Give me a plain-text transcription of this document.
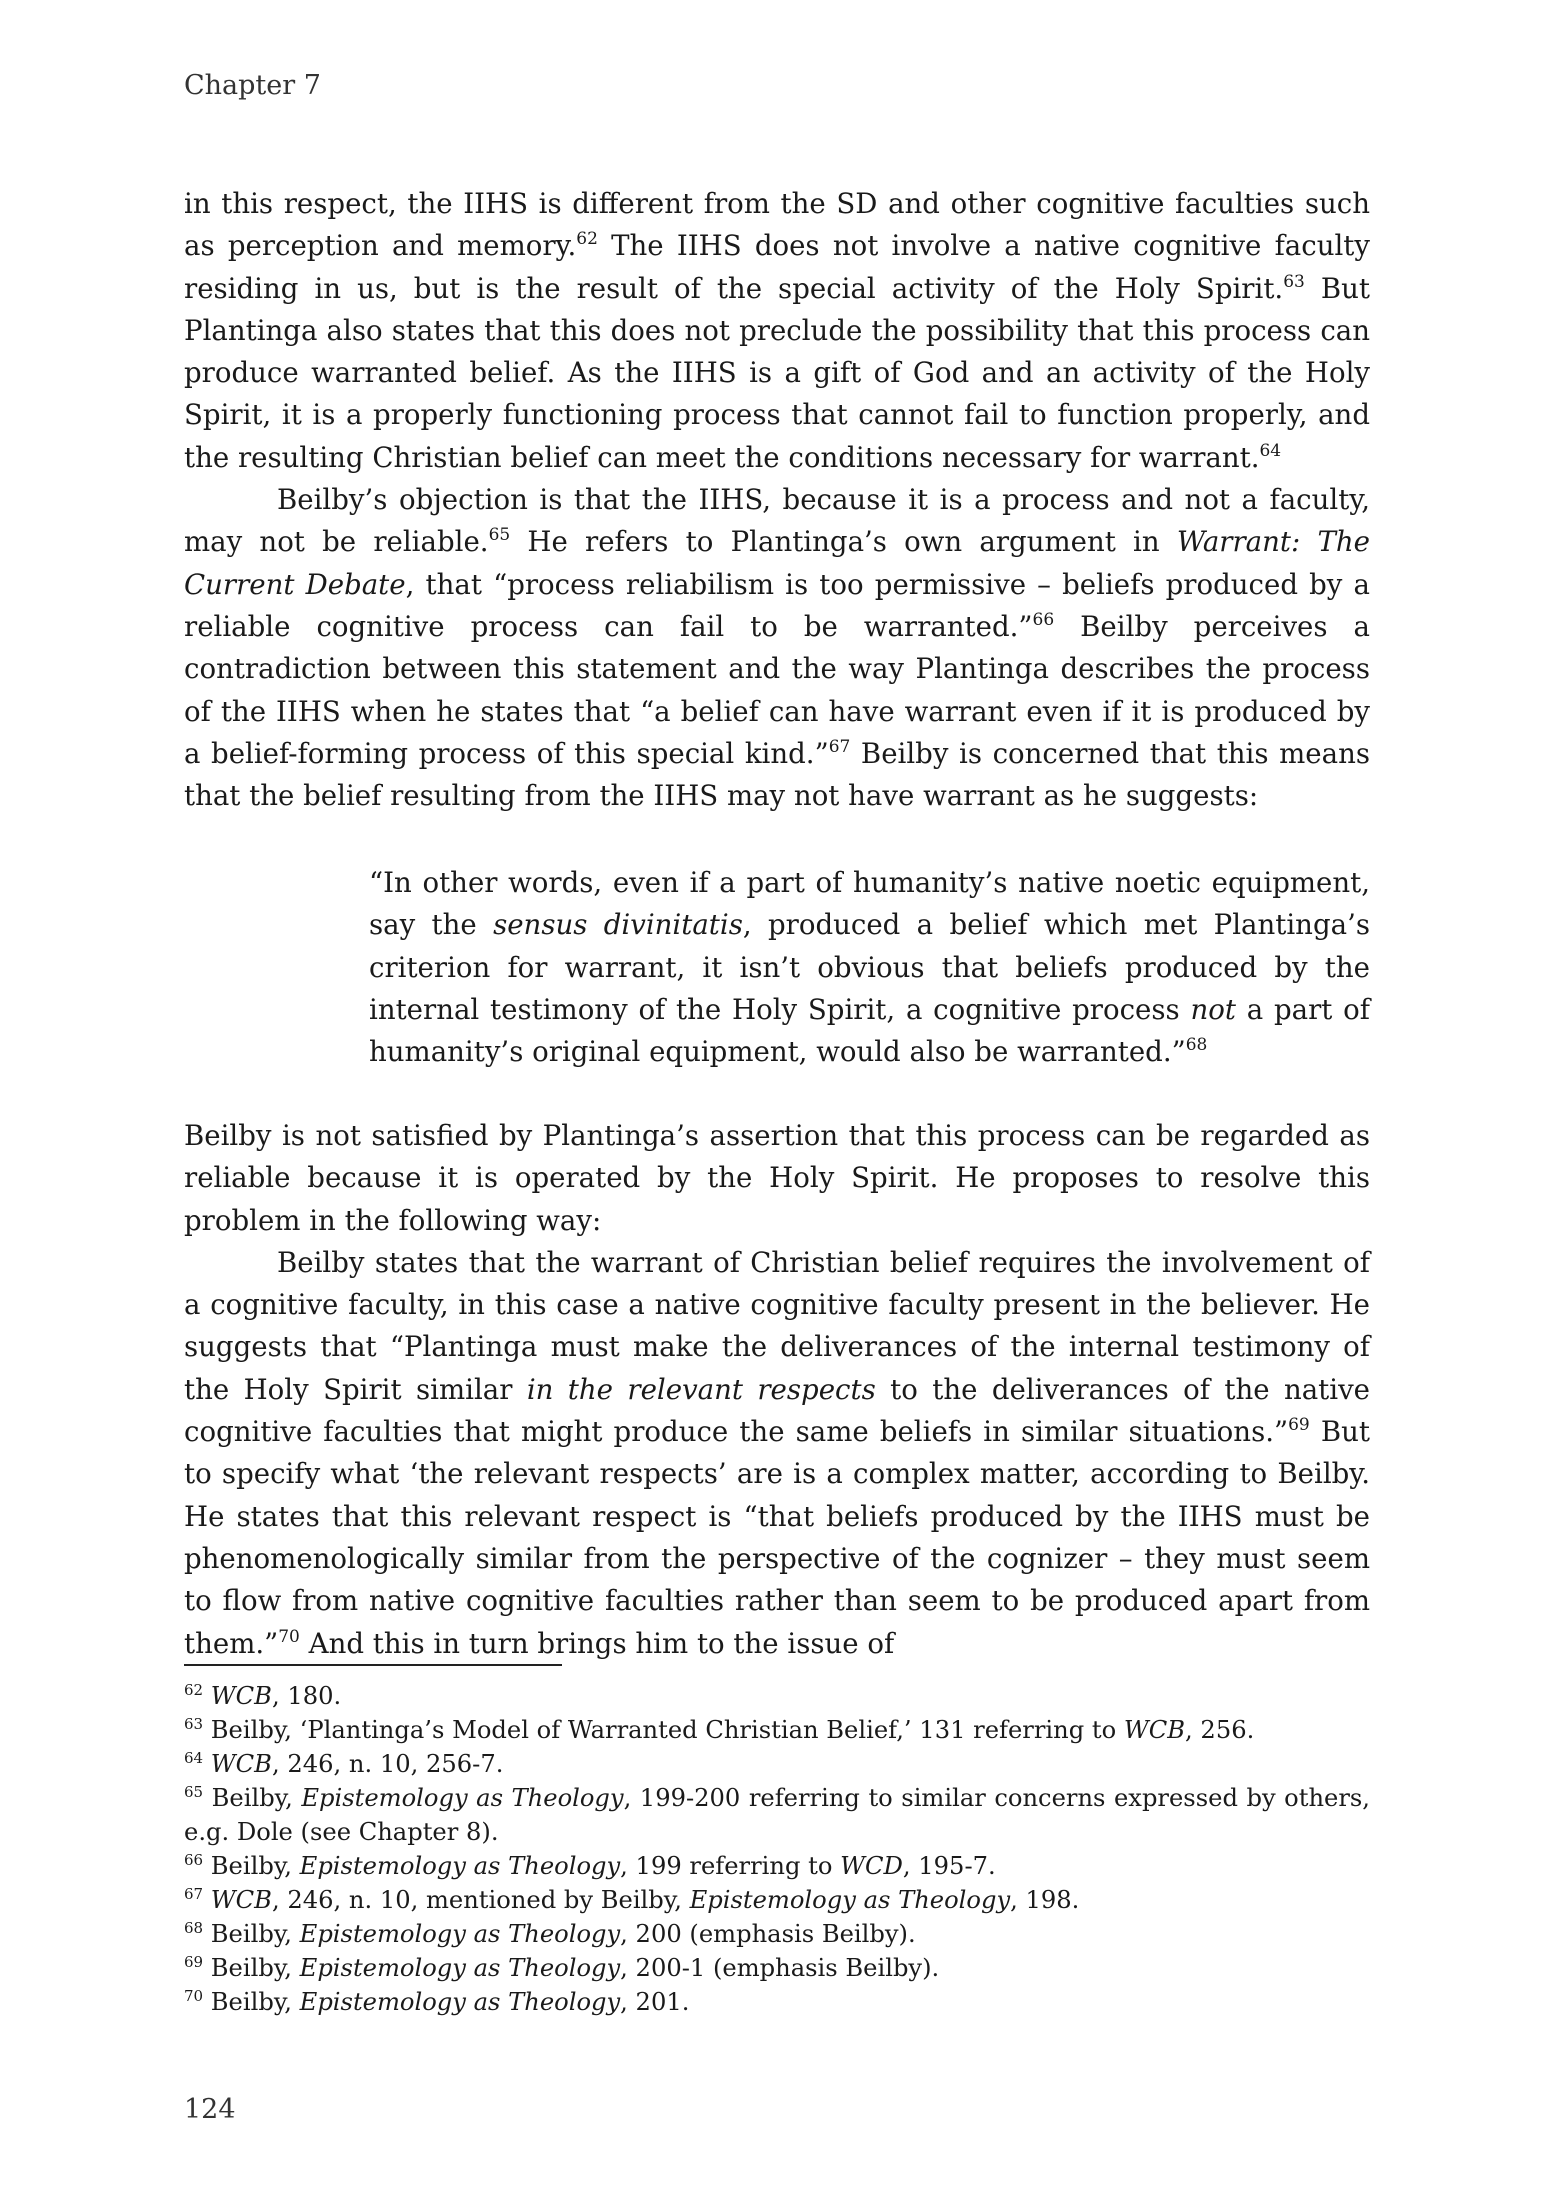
Chapter 7

in this respect, the IIHS is different from the SD and other cognitive faculties such as perception and memory.$^{62}$ The IIHS does not involve a native cognitive faculty residing in us, but is the result of the special activity of the Holy Spirit.$^{63}$ But Plantinga also states that this does not preclude the possibility that this process can produce warranted belief. As the IIHS is a gift of God and an activity of the Holy Spirit, it is a properly functioning process that cannot fail to function properly, and the resulting Christian belief can meet the conditions necessary for warrant.$^{64}$

Beilby’s objection is that the IIHS, because it is a process and not a faculty, may not be reliable.$^{65}$ He refers to Plantinga’s own argument in Warrant: The Current Debate, that “process reliabilism is too permissive – beliefs produced by a reliable cognitive process can fail to be warranted.”$^{66}$ Beilby perceives a contradiction between this statement and the way Plantinga describes the process of the IIHS when he states that “a belief can have warrant even if it is produced by a belief-forming process of this special kind.”$^{67}$ Beilby is concerned that this means that the belief resulting from the IIHS may not have warrant as he suggests:

“In other words, even if a part of humanity’s native noetic equipment, say the sensus divinitatis, produced a belief which met Plantinga’s criterion for warrant, it isn’t obvious that beliefs produced by the internal testimony of the Holy Spirit, a cognitive process not a part of humanity’s original equipment, would also be warranted.”$^{68}$

Beilby is not satisfied by Plantinga’s assertion that this process can be regarded as reliable because it is operated by the Holy Spirit. He proposes to resolve this problem in the following way:

Beilby states that the warrant of Christian belief requires the involvement of a cognitive faculty, in this case a native cognitive faculty present in the believer. He suggests that “Plantinga must make the deliverances of the internal testimony of the Holy Spirit similar in the relevant respects to the deliverances of the native cognitive faculties that might produce the same beliefs in similar situations.”$^{69}$ But to specify what ‘the relevant respects’ are is a complex matter, according to Beilby. He states that this relevant respect is “that beliefs produced by the IIHS must be phenomenologically similar from the perspective of the cognizer – they must seem to flow from native cognitive faculties rather than seem to be produced apart from them.”$^{70}$ And this in turn brings him to the issue of

$^{62}$ WCB, 180.

$^{63}$ Beilby, ‘Plantinga’s Model of Warranted Christian Belief,’ 131 referring to WCB, 256.

$^{64}$ WCB, 246, n. 10, 256-7.

$^{65}$ Beilby, Epistemology as Theology, 199-200 referring to similar concerns expressed by others, e.g. Dole (see Chapter 8).

$^{66}$ Beilby, Epistemology as Theology, 199 referring to WCD, 195-7.

$^{67}$ WCB, 246, n. 10, mentioned by Beilby, Epistemology as Theology, 198.

$^{68}$ Beilby, Epistemology as Theology, 200 (emphasis Beilby).

$^{69}$ Beilby, Epistemology as Theology, 200-1 (emphasis Beilby).

$^{70}$ Beilby, Epistemology as Theology, 201.

124
